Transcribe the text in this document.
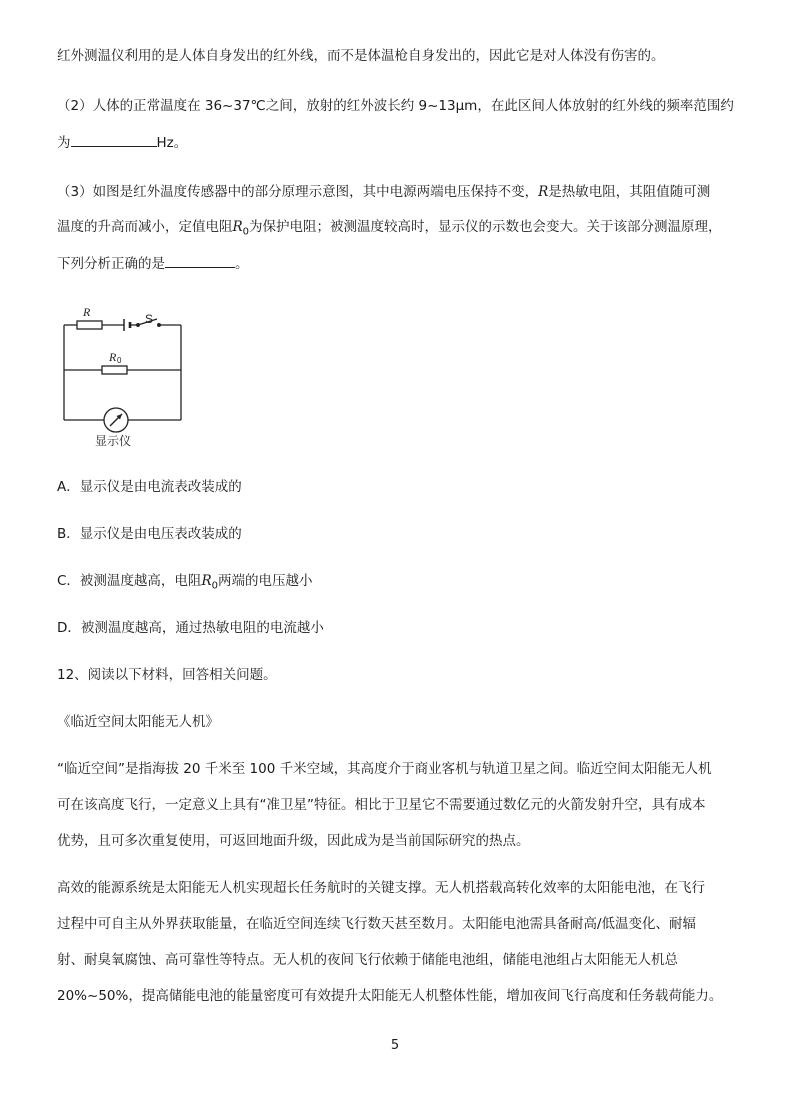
红外测温仪利用的是人体自身发出的红外线，而不是体温枪自身发出的，因此它是对人体没有伤害的。
（2）人体的正常温度在 36~37℃之间，放射的红外波长约 9~13μm，在此区间人体放射的红外线的频率范围约
为	Hz。
（3）如图是红外温度传感器中的部分原理示意图，其中电源两端电压保持不变，R是热敏电阻，其阻值随可测
温度的升高而减小，定值电阻$R_0$为保护电阻；被测温度较高时，显示仪的示数也会变大。关于该部分测温原理，
下列分析正确的是	。
R	S
R 0
显示仪
A．显示仪是由电流表改装成的
B．显示仪是由电压表改装成的
C．被测温度越高，电阻$R_0$两端的电压越小
D．被测温度越高，通过热敏电阻的电流越小
12、阅读以下材料，回答相关问题。
《临近空间太阳能无人机》
“临近空间”是指海拔 20 千米至 100 千米空域，其高度介于商业客机与轨道卫星之间。临近空间太阳能无人机
可在该高度飞行，一定意义上具有“准卫星”特征。相比于卫星它不需要通过数亿元的火箭发射升空，具有成本
优势，且可多次重复使用，可返回地面升级，因此成为是当前国际研究的热点。
高效的能源系统是太阳能无人机实现超长任务航时的关键支撑。无人机搭载高转化效率的太阳能电池，在飞行
过程中可自主从外界获取能量，在临近空间连续飞行数天甚至数月。太阳能电池需具备耐高/低温变化、耐辐
射、耐臭氧腐蚀、高可靠性等特点。无人机的夜间飞行依赖于储能电池组，储能电池组占太阳能无人机总
20%~50%，提高储能电池的能量密度可有效提升太阳能无人机整体性能，增加夜间飞行高度和任务载荷能力。
5
